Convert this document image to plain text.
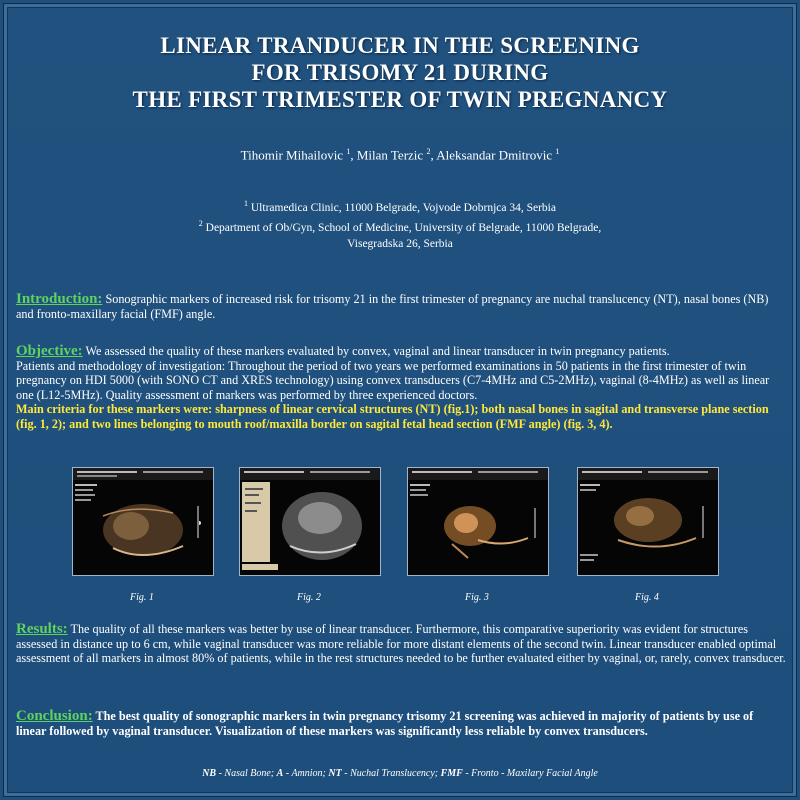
LINEAR TRANDUCER IN THE SCREENING
FOR TRISOMY 21 DURING
THE FIRST TRIMESTER OF TWIN PREGNANCY
Tihomir Mihailovic $^1$, Milan Terzic $^2$, Aleksandar Dmitrovic $^1$
$^1$ Ultramedica Clinic, 11000 Belgrade, Vojvode Dobrnjca 34, Serbia
$^2$ Department of Ob/Gyn, School of Medicine, University of Belgrade, 11000 Belgrade,
Visegradska 26, Serbia
Introduction: Sonographic markers of increased risk for trisomy 21 in the first trimester of pregnancy are nuchal translucency (NT), nasal bones (NB) and fronto-maxillary facial (FMF) angle.
Objective: We assessed the quality of these markers evaluated by convex, vaginal and linear transducer in twin pregnancy patients.
Patients and methodology of investigation: Throughout the period of two years we performed examinations in 50 patients in the first trimester of twin pregnancy on HDI 5000 (with SONO CT and XRES technology) using convex transducers (C7-4MHz and C5-2MHz), vaginal (8-4MHz) as well as linear one (L12-5MHz). Quality assessment of markers was performed by three experienced doctors.
Main criteria for these markers were: sharpness of linear cervical structures (NT) (fig.1); both nasal bones in sagital and transverse plane section (fig. 1, 2); and two lines belonging to mouth roof/maxilla border on sagital fetal head section (FMF angle) (fig. 3, 4).
Fig. 1	Fig. 2	Fig. 3	Fig. 4
Results: The quality of all these markers was better by use of linear transducer. Furthermore, this comparative superiority was evident for structures assessed in distance up to 6 cm, while vaginal transducer was more reliable for more distant elements of the second twin. Linear transducer enabled optimal assessment of all markers in almost 80% of patients, while in the rest structures needed to be further evaluated either by vaginal, or, rarely, convex transducer.
Conclusion: The best quality of sonographic markers in twin pregnancy trisomy 21 screening was achieved in majority of patients by use of linear followed by vaginal transducer. Visualization of these markers was significantly less reliable by convex transducers.
NB - Nasal Bone; A - Amnion; NT - Nuchal Translucency; FMF - Fronto - Maxilary Facial Angle
